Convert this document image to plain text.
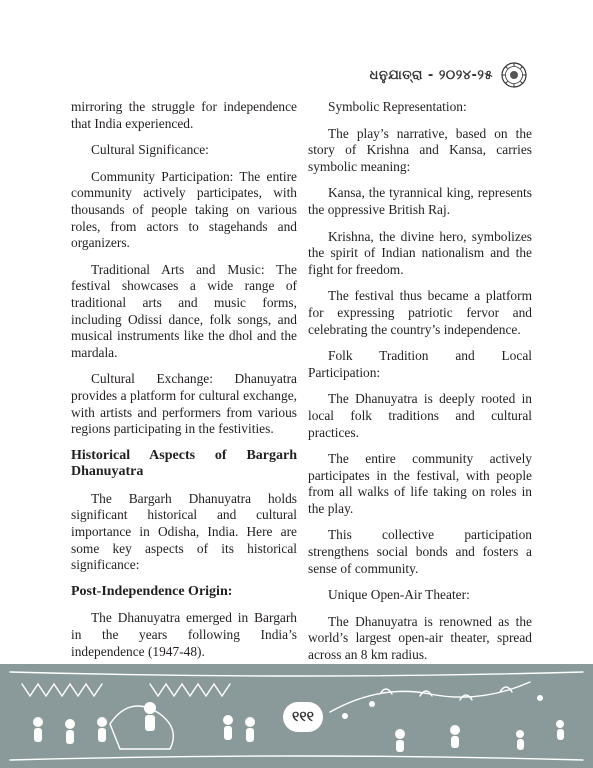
ଧନୁଯାତ୍ରା - ୨୦୨୪-୨୫

mirroring the struggle for independence that India experienced.

Cultural Significance:

Community Participation: The entire community actively participates, with thousands of people taking on various roles, from actors to stagehands and organizers.

Traditional Arts and Music: The festival showcases a wide range of traditional arts and music forms, including Odissi dance, folk songs, and musical instruments like the dhol and the mardala.

Cultural Exchange: Dhanuyatra provides a platform for cultural exchange, with artists and performers from various regions participating in the festivities.

Historical Aspects of Bargarh Dhanuyatra

The Bargarh Dhanuyatra holds significant historical and cultural importance in Odisha, India. Here are some key aspects of its historical significance:

Post-Independence Origin:

The Dhanuyatra emerged in Bargarh in the years following India’s independence (1947-48).

Symbolic Representation:

The play’s narrative, based on the story of Krishna and Kansa, carries symbolic meaning:

Kansa, the tyrannical king, represents the oppressive British Raj.

Krishna, the divine hero, symbolizes the spirit of Indian nationalism and the fight for freedom.

The festival thus became a platform for expressing patriotic fervor and celebrating the country’s independence.

Folk Tradition and Local Participation:

The Dhanuyatra is deeply rooted in local folk traditions and cultural practices.

The entire community actively participates in the festival, with people from all walks of life taking on roles in the play.

This collective participation strengthens social bonds and fosters a sense of community.

Unique Open-Air Theater:

The Dhanuyatra is renowned as the world’s largest open-air theater, spread across an 8 km radius.

୧୧୧
